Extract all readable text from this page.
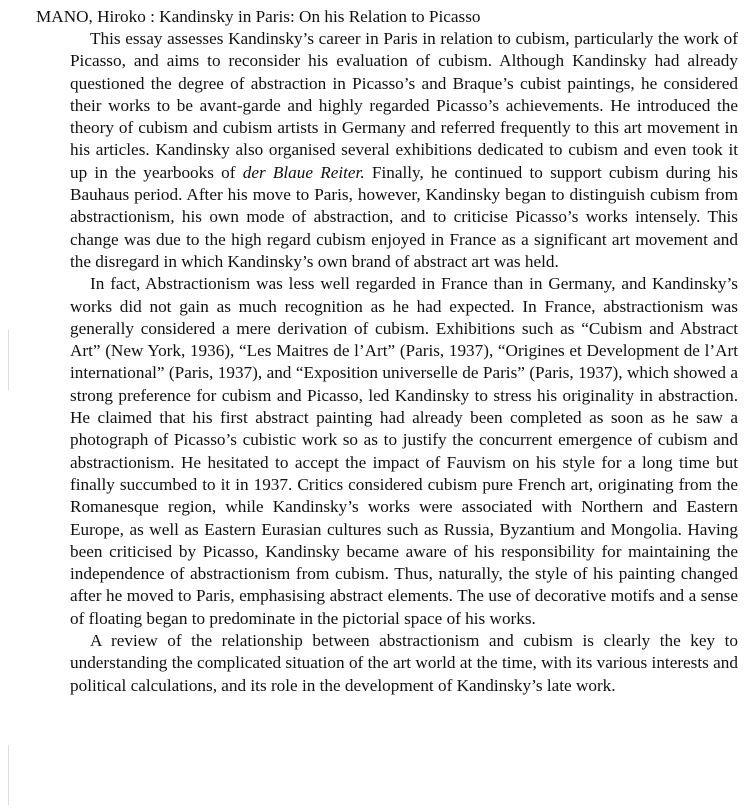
MANO, Hiroko : Kandinsky in Paris: On his Relation to Picasso

This essay assesses Kandinsky’s career in Paris in relation to cubism, particularly the work of Picasso, and aims to reconsider his evaluation of cubism. Although Kandinsky had already questioned the degree of abstraction in Picasso’s and Braque’s cubist paintings, he considered their works to be avant-garde and highly regarded Picasso’s achievements. He introduced the theory of cubism and cubism artists in Germany and referred frequently to this art movement in his articles. Kandinsky also organised several exhibitions dedicated to cubism and even took it up in the yearbooks of der Blaue Reiter. Finally, he continued to support cubism during his Bauhaus period. After his move to Paris, however, Kandinsky began to distinguish cubism from abstractionism, his own mode of abstraction, and to criticise Picasso’s works intensely. This change was due to the high regard cubism enjoyed in France as a significant art movement and the disregard in which Kandinsky’s own brand of abstract art was held.

In fact, Abstractionism was less well regarded in France than in Germany, and Kandinsky’s works did not gain as much recognition as he had expected. In France, abstractionism was generally considered a mere derivation of cubism. Exhibitions such as “Cubism and Abstract Art” (New York, 1936), “Les Maitres de l’Art” (Paris, 1937), “Origines et Development de l’Art international” (Paris, 1937), and “Exposition universelle de Paris” (Paris, 1937), which showed a strong preference for cubism and Picasso, led Kandinsky to stress his originality in abstraction. He claimed that his first abstract painting had already been completed as soon as he saw a photograph of Picasso’s cubistic work so as to justify the concurrent emergence of cubism and abstractionism. He hesitated to accept the impact of Fauvism on his style for a long time but finally succumbed to it in 1937. Critics considered cubism pure French art, originating from the Romanesque region, while Kandinsky’s works were associated with Northern and Eastern Europe, as well as Eastern Eurasian cultures such as Russia, Byzantium and Mongolia. Having been criticised by Picasso, Kandinsky became aware of his responsibility for maintaining the independence of abstractionism from cubism. Thus, naturally, the style of his painting changed after he moved to Paris, emphasising abstract elements. The use of decorative motifs and a sense of floating began to predominate in the pictorial space of his works.

A review of the relationship between abstractionism and cubism is clearly the key to understanding the complicated situation of the art world at the time, with its various interests and political calculations, and its role in the development of Kandinsky’s late work.
